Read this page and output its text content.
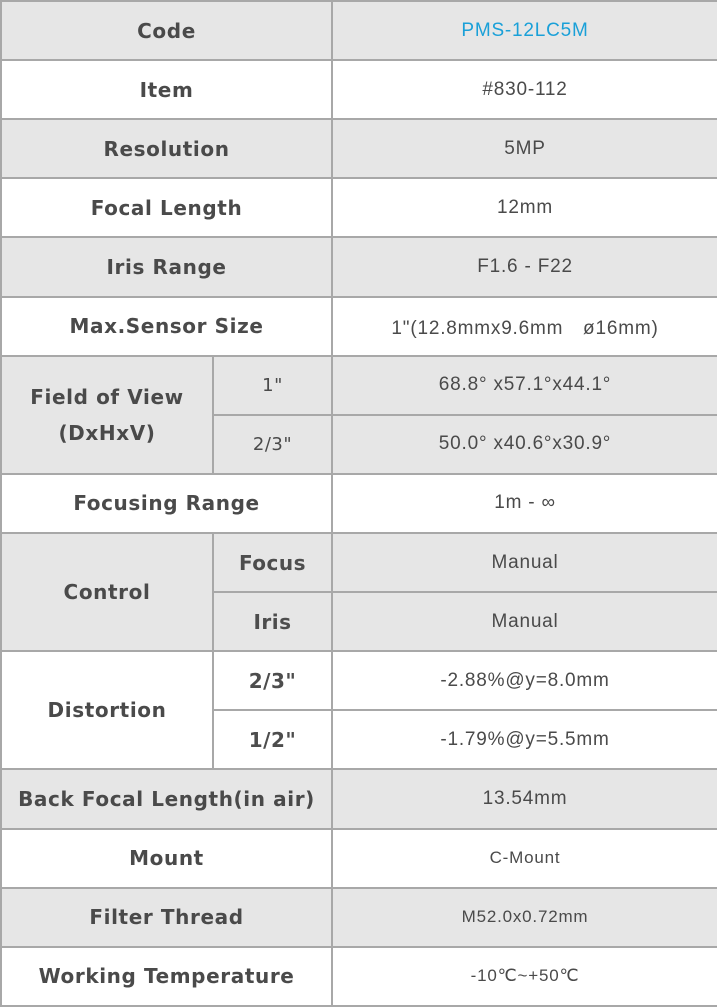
Code		PMS-12LC5M
Item		#830-112
Resolution		5MP
Focal Length		12mm
Iris Range		F1.6 - F22
Max.Sensor Size		1"(12.8mmx9.6mm　ø16mm)
Field of View
(DxHxV)	1"	68.8° x57.1°x44.1°
	2/3"	50.0° x40.6°x30.9°
Focusing Range		1m - ∞
Control	Focus	Manual
	Iris	Manual
Distortion	2/3"	-2.88%@y=8.0mm
	1/2"	-1.79%@y=5.5mm
Back Focal Length(in air)		13.54mm
Mount		C-Mount
Filter Thread		M52.0x0.72mm
Working Temperature		-10℃~+50℃
